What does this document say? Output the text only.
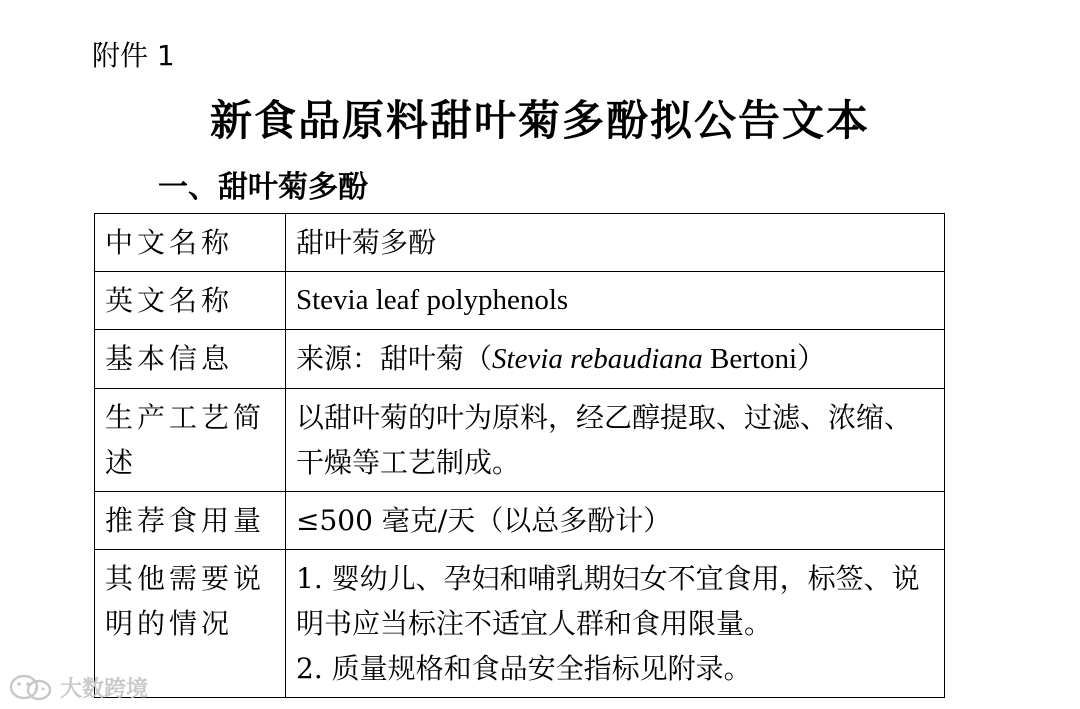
附件 1
新食品原料甜叶菊多酚拟公告文本
一、甜叶菊多酚
中文名称	甜叶菊多酚
英文名称	Stevia leaf polyphenols
基本信息	来源：甜叶菊（Stevia rebaudiana Bertoni）
生产工艺简述	以甜叶菊的叶为原料，经乙醇提取、过滤、浓缩、干燥等工艺制成。
推荐食用量	≤500 毫克/天（以总多酚计）
其他需要说明的情况	1. 婴幼儿、孕妇和哺乳期妇女不宜食用，标签、说明书应当标注不适宜人群和食用限量。
2. 质量规格和食品安全指标见附录。
大数跨境
